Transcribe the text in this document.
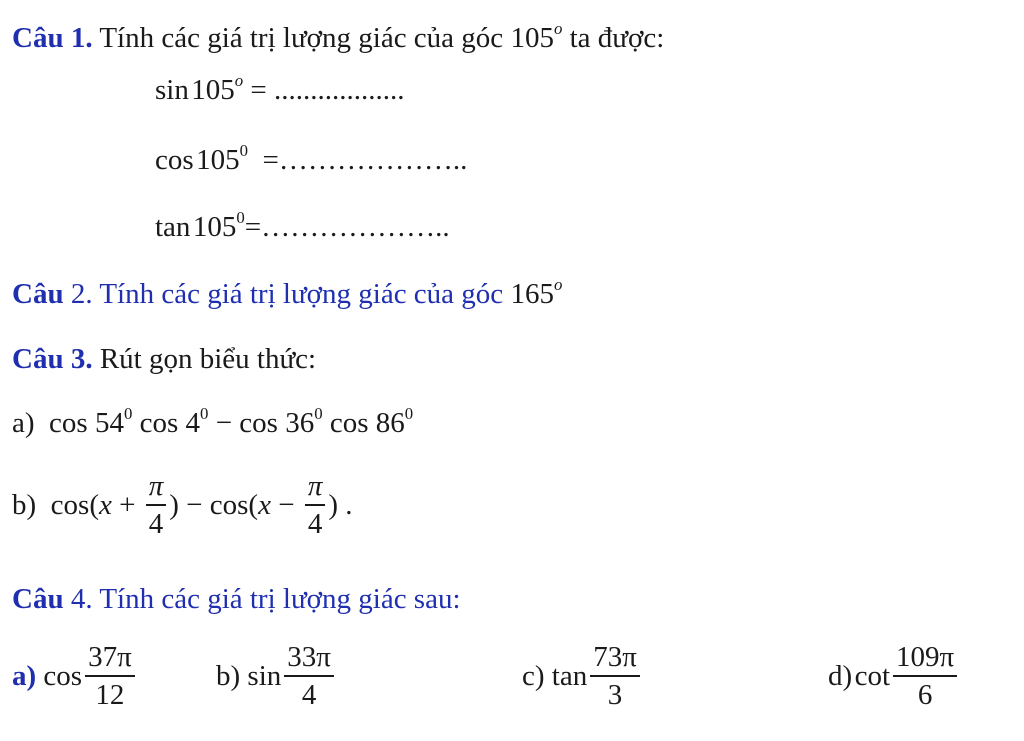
Câu 1. Tính các giá trị lượng giác của góc 105$^o$ ta được:
sin $105^o$ = ..................
cos $105^0$  =………………..
tan $105^0=\dots\dots\dots\dots\dots\dots$..
Câu 2. Tính các giá trị lượng giác của góc 165$^o$
Câu 3. Rút gọn biểu thức:
a) $\cos 54^0$ $\cos 4^0 - \cos 36^0$ $\cos 86^0$
b) $\cos(x + \frac{\pi}{4}$ ) − $\cos(x - \frac{\pi}{4}$ ) .
Câu 4. Tính các giá trị lượng giác sau:
a) $\cos \frac{37\pi}{12}$	b) $\sin \frac{33\pi}{4}$	c) $\tan \frac{73\pi}{3}$	d) $\cot \frac{109\pi}{6}$
